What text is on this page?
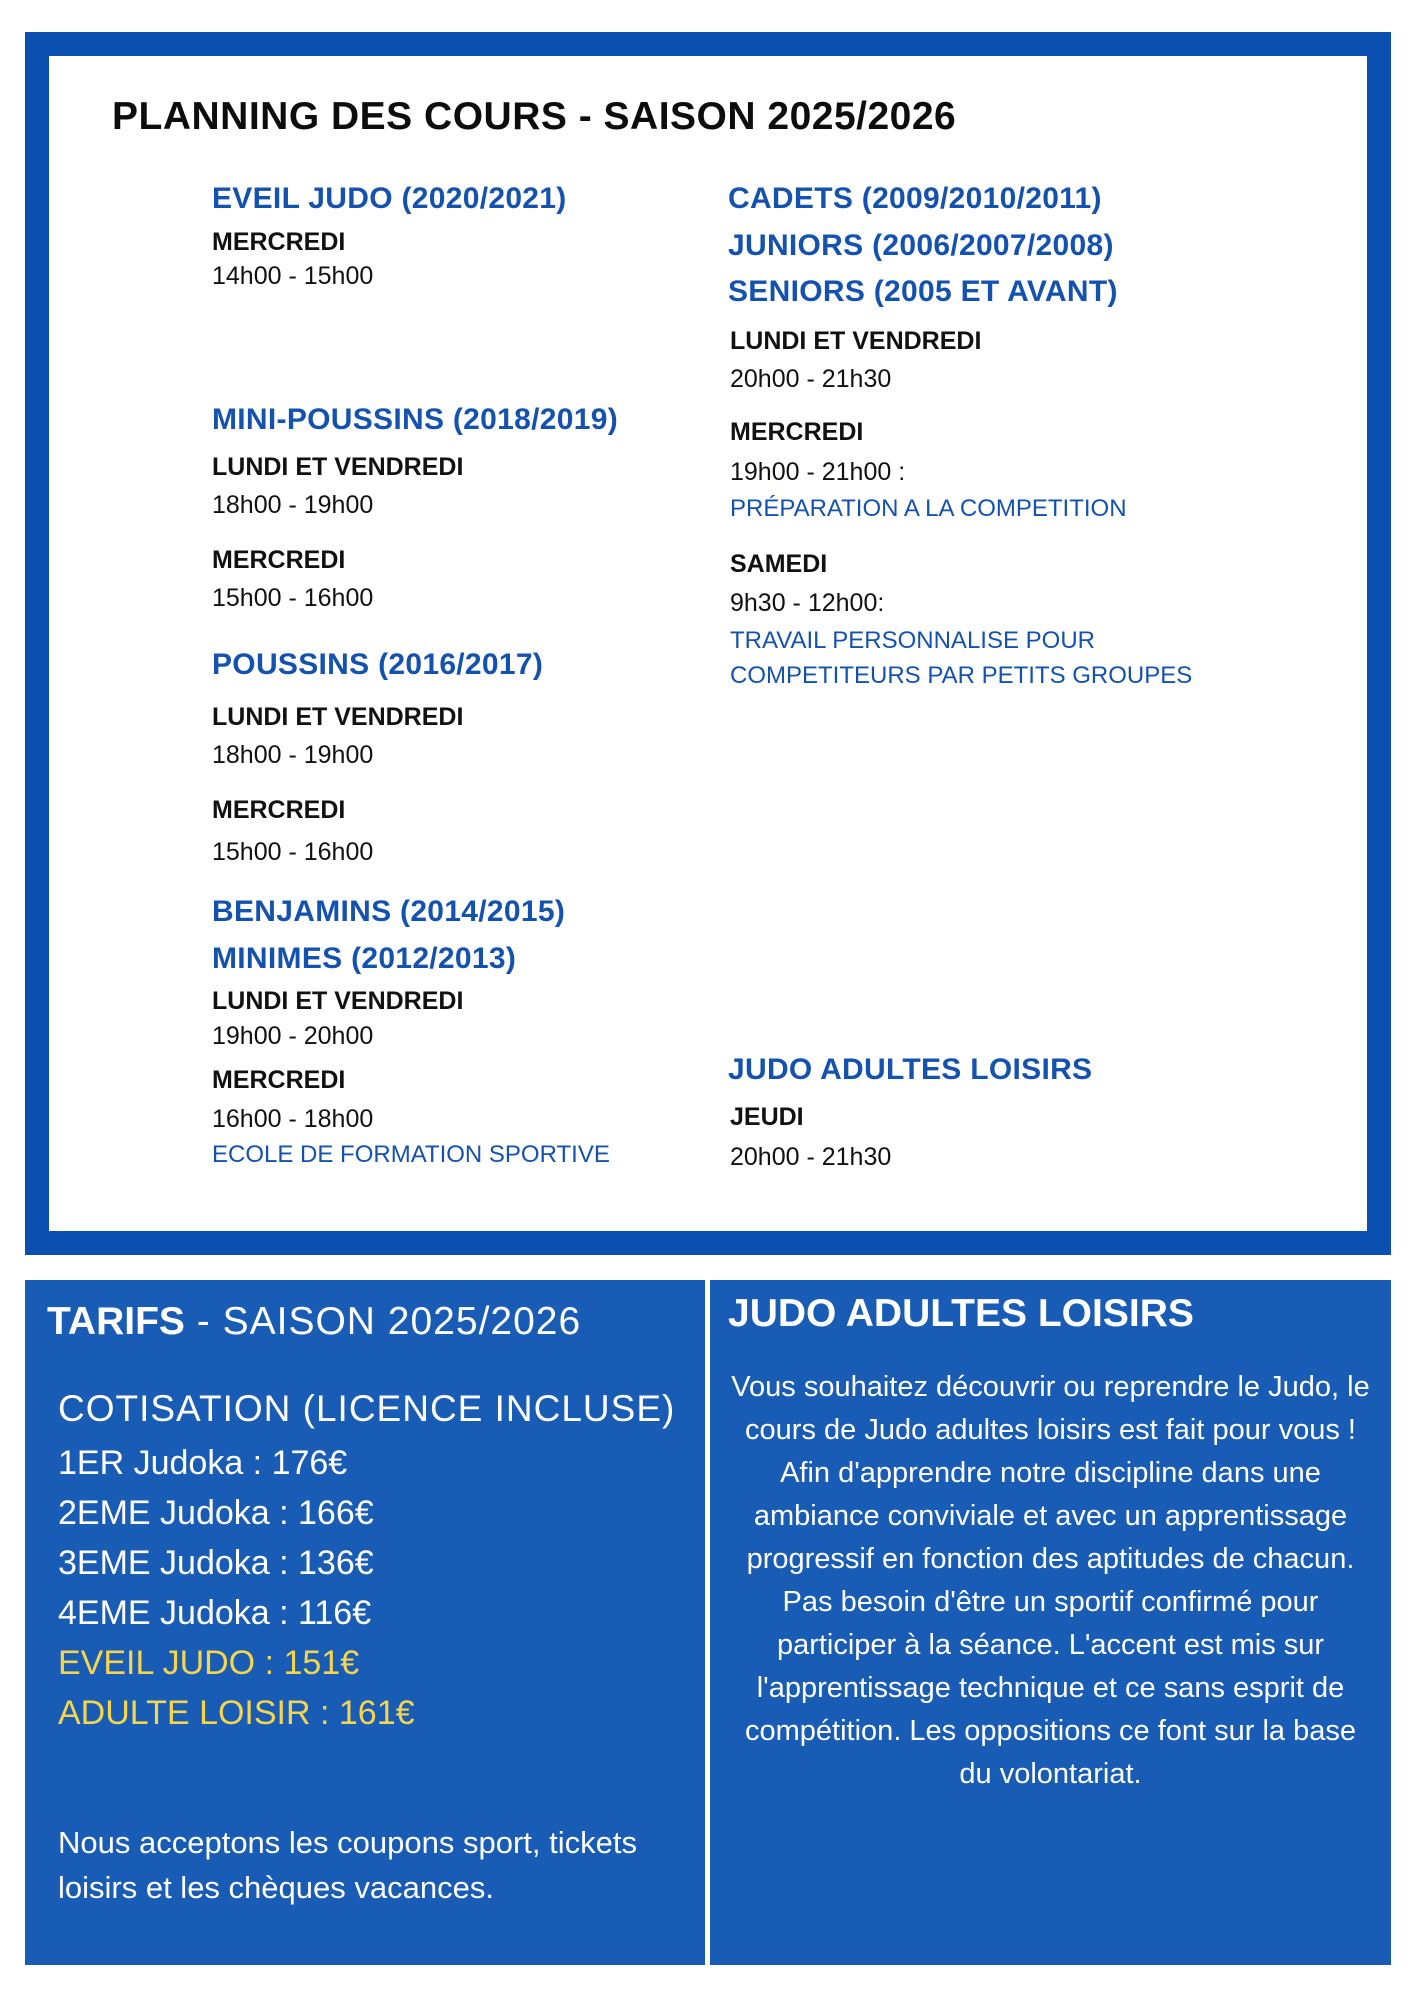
PLANNING DES COURS - SAISON 2025/2026
EVEIL JUDO (2020/2021)
MERCREDI
14h00 - 15h00
MINI-POUSSINS (2018/2019)
LUNDI ET VENDREDI
18h00 - 19h00
MERCREDI
15h00 - 16h00
POUSSINS (2016/2017)
LUNDI ET VENDREDI
18h00 - 19h00
MERCREDI
15h00 - 16h00
BENJAMINS (2014/2015)
MINIMES (2012/2013)
LUNDI ET VENDREDI
19h00 - 20h00
MERCREDI
16h00 - 18h00
ECOLE DE FORMATION SPORTIVE
CADETS (2009/2010/2011)
JUNIORS (2006/2007/2008)
SENIORS (2005 ET AVANT)
LUNDI ET VENDREDI
20h00 - 21h30
MERCREDI
19h00 - 21h00 :
PRÉPARATION A LA COMPETITION
SAMEDI
9h30 - 12h00:
TRAVAIL PERSONNALISE POUR
COMPETITEURS PAR PETITS GROUPES
JUDO ADULTES LOISIRS
JEUDI
20h00 - 21h30
TARIFS - SAISON 2025/2026
COTISATION (LICENCE INCLUSE)
1ER Judoka : 176€
2EME Judoka : 166€
3EME Judoka : 136€
4EME Judoka : 116€
EVEIL JUDO : 151€
ADULTE LOISIR : 161€
Nous acceptons les coupons sport, tickets loisirs et les chèques vacances.
JUDO ADULTES LOISIRS

Vous souhaitez découvrir ou reprendre le Judo, le cours de Judo adultes loisirs est fait pour vous !

Afin d'apprendre notre discipline dans une ambiance conviviale et avec un apprentissage progressif en fonction des aptitudes de chacun.

Pas besoin d'être un sportif confirmé pour participer à la séance. L'accent est mis sur l'apprentissage technique et ce sans esprit de compétition. Les oppositions ce font sur la base du volontariat.
